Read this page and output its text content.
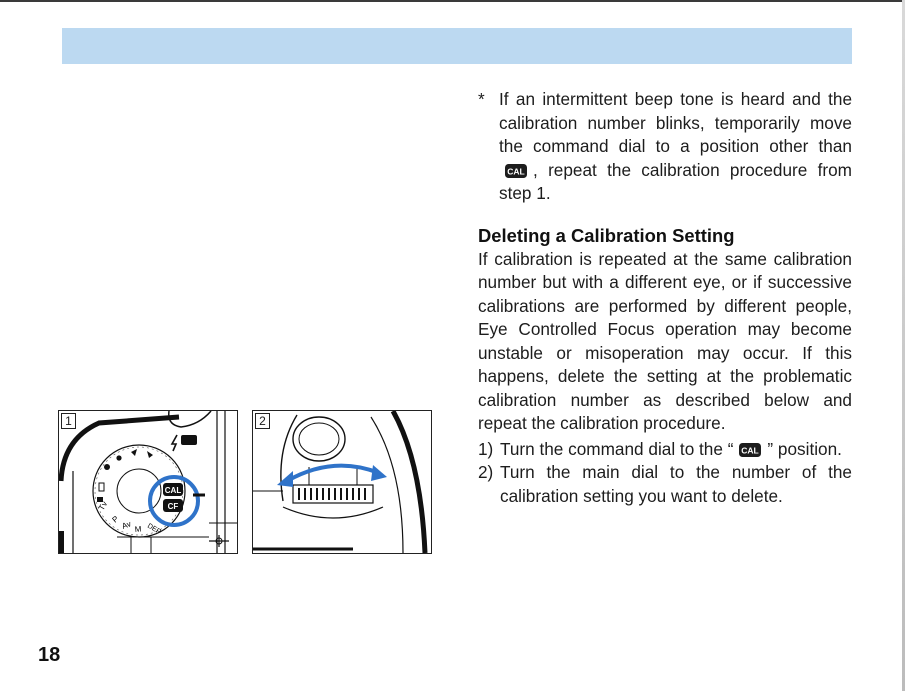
1
P
Tv
Av M DEP
CAL
CF
2

* If an intermittent beep tone is heard and the calibration number blinks, temporarily move the command dial to a position other than
CAL , repeat the calibration procedure from step 1.

Deleting a Calibration Setting

If calibration is repeated at the same calibration number but with a different eye, or if successive calibrations are performed by different people, Eye Controlled Focus operation may become unstable or misoperation may occur. If this happens, delete the setting at the problematic calibration number as described below and repeat the calibration procedure.

1) Turn the command dial to the “ CAL ” position.
2) Turn the main dial to the number of the calibration setting you want to delete.
18
